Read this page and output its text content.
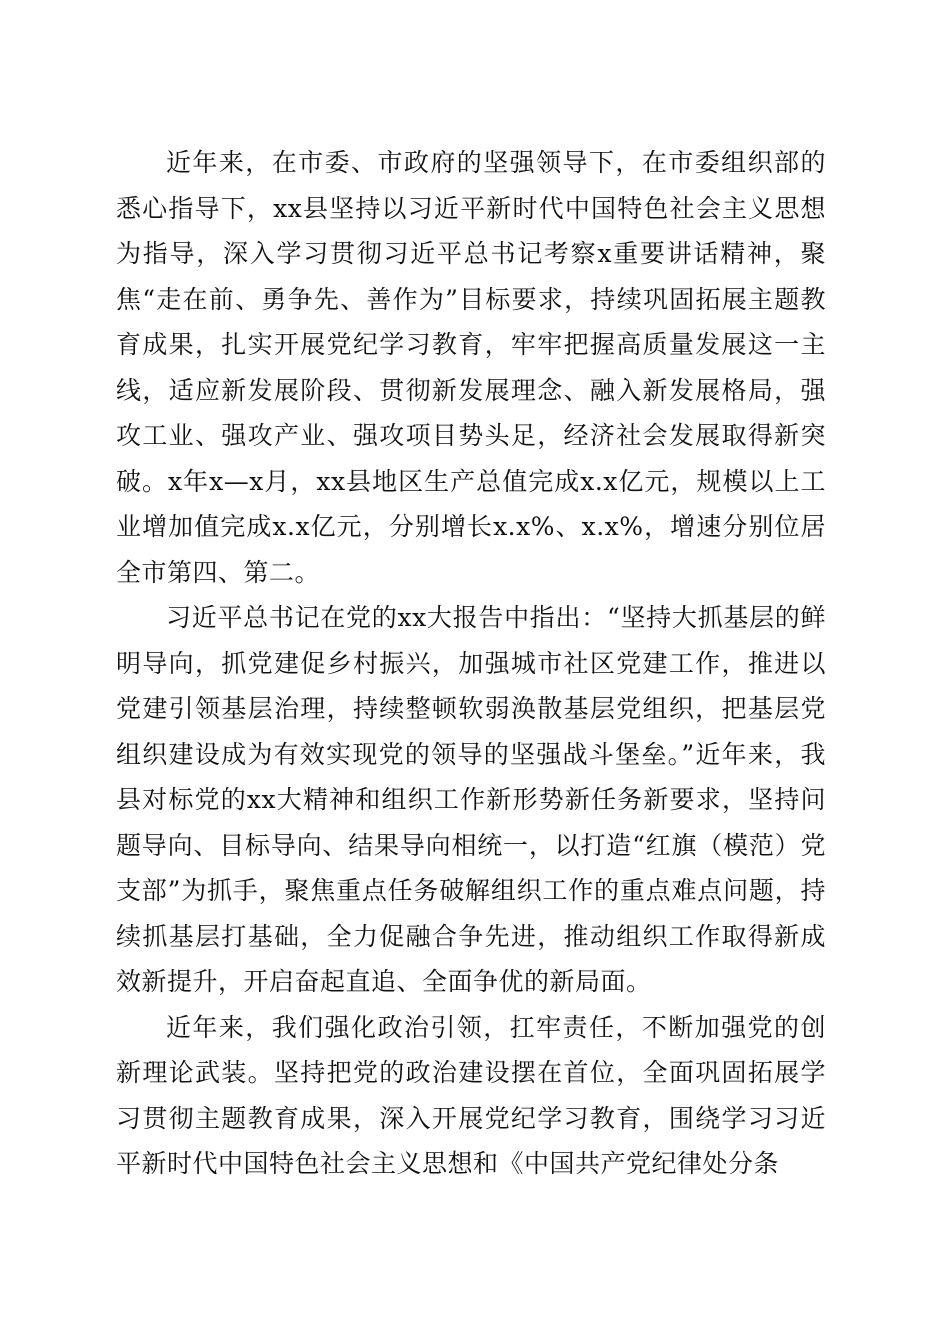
近年来，在市委、市政府的坚强领导下，在市委组织部的悉心指导下，xx县坚持以习近平新时代中国特色社会主义思想为指导，深入学习贯彻习近平总书记考察x重要讲话精神，聚焦“走在前、勇争先、善作为”目标要求，持续巩固拓展主题教育成果，扎实开展党纪学习教育，牢牢把握高质量发展这一主线，适应新发展阶段、贯彻新发展理念、融入新发展格局，强攻工业、强攻产业、强攻项目势头足，经济社会发展取得新突破。x年x—x月，xx县地区生产总值完成x.x亿元，规模以上工业增加值完成x.x亿元，分别增长x.x%、x.x%，增速分别位居全市第四、第二。

习近平总书记在党的xx大报告中指出：“坚持大抓基层的鲜明导向，抓党建促乡村振兴，加强城市社区党建工作，推进以党建引领基层治理，持续整顿软弱涣散基层党组织，把基层党组织建设成为有效实现党的领导的坚强战斗堡垒。”近年来，我县对标党的xx大精神和组织工作新形势新任务新要求，坚持问题导向、目标导向、结果导向相统一，以打造“红旗（模范）党支部”为抓手，聚焦重点任务破解组织工作的重点难点问题，持续抓基层打基础，全力促融合争先进，推动组织工作取得新成效新提升，开启奋起直追、全面争优的新局面。

近年来，我们强化政治引领，扛牢责任，不断加强党的创新理论武装。坚持把党的政治建设摆在首位，全面巩固拓展学习贯彻主题教育成果，深入开展党纪学习教育，围绕学习习近平新时代中国特色社会主义思想和《中国共产党纪律处分条
